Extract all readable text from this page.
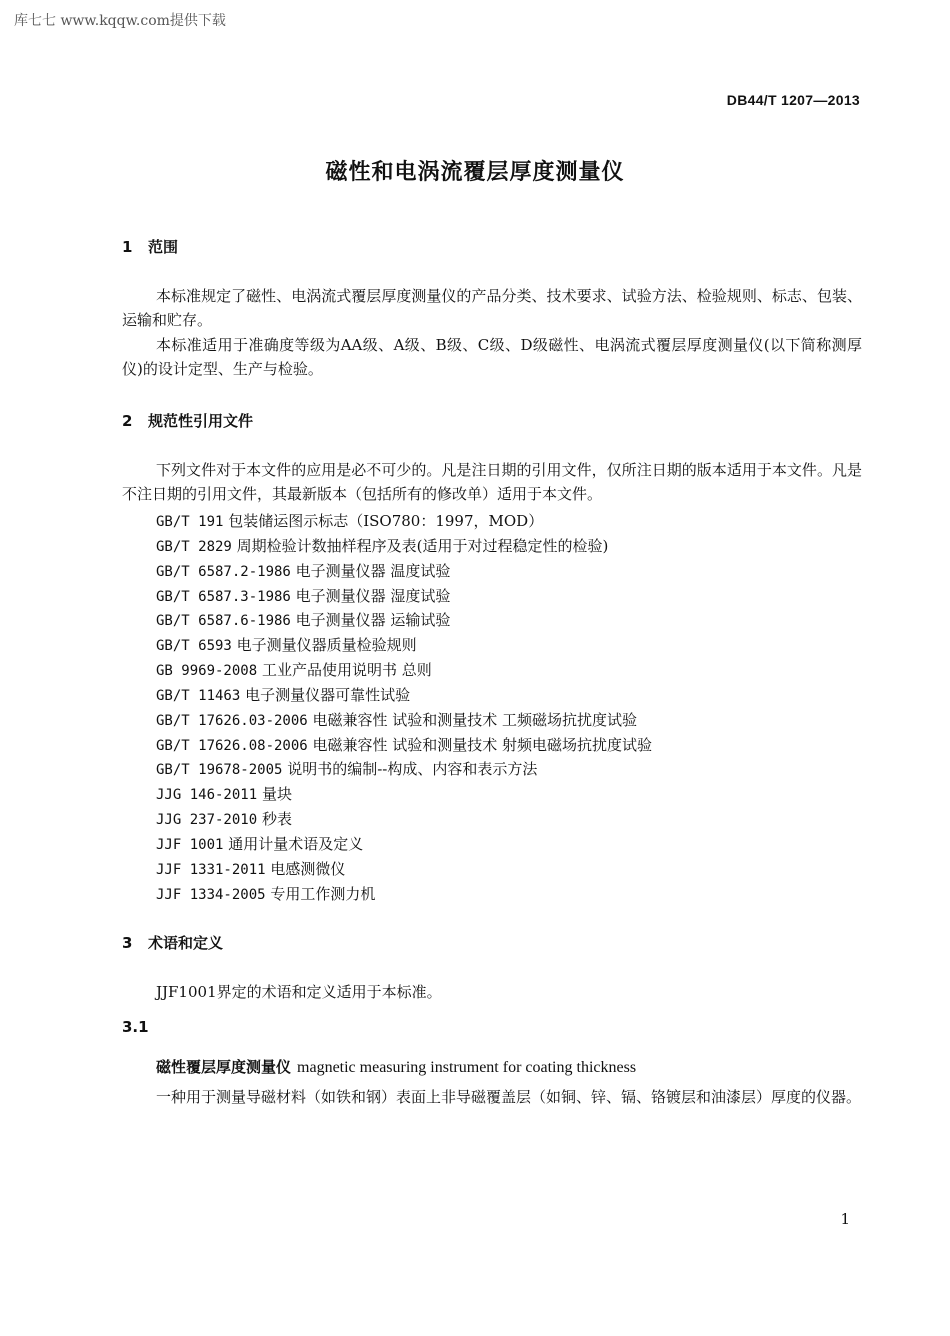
库七七 www.kqqw.com提供下载
DB44/T 1207—2013
磁性和电涡流覆层厚度测量仪
1 范围
本标准规定了磁性、电涡流式覆层厚度测量仪的产品分类、技术要求、试验方法、检验规则、标志、包装、运输和贮存。
本标准适用于准确度等级为AA级、A级、B级、C级、D级磁性、电涡流式覆层厚度测量仪(以下简称测厚仪)的设计定型、生产与检验。
2 规范性引用文件
下列文件对于本文件的应用是必不可少的。凡是注日期的引用文件，仅所注日期的版本适用于本文件。凡是不注日期的引用文件，其最新版本（包括所有的修改单）适用于本文件。
GB/T 191 包装储运图示标志（ISO780：1997，MOD）
GB/T 2829 周期检验计数抽样程序及表(适用于对过程稳定性的检验)
GB/T 6587.2-1986 电子测量仪器 温度试验
GB/T 6587.3-1986 电子测量仪器 湿度试验
GB/T 6587.6-1986 电子测量仪器 运输试验
GB/T 6593 电子测量仪器质量检验规则
GB 9969-2008 工业产品使用说明书 总则
GB/T 11463 电子测量仪器可靠性试验
GB/T 17626.03-2006 电磁兼容性 试验和测量技术 工频磁场抗扰度试验
GB/T 17626.08-2006 电磁兼容性 试验和测量技术 射频电磁场抗扰度试验
GB/T 19678-2005 说明书的编制--构成、内容和表示方法
JJG 146-2011 量块
JJG 237-2010 秒表
JJF 1001 通用计量术语及定义
JJF 1331-2011 电感测微仪
JJF 1334-2005 专用工作测力机
3 术语和定义
JJF1001界定的术语和定义适用于本标准。
3.1
磁性覆层厚度测量仪 magnetic measuring instrument for coating thickness
一种用于测量导磁材料（如铁和钢）表面上非导磁覆盖层（如铜、锌、镉、铬镀层和油漆层）厚度的仪器。
1
